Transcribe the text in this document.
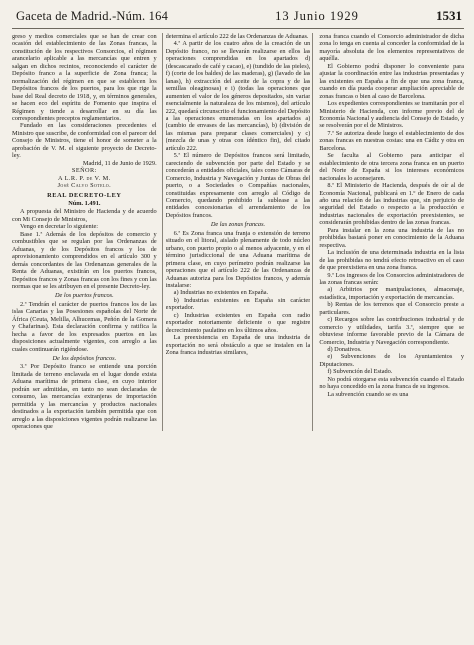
Gaceta de Madrid.-Núm. 164	13 Junio 1929	1531

greso y medios comerciales que se han de crear con ocasión del establecimiento de las Zonas francas, la constitución de los respectivos Consorcios, el régimen arancelario aplicable a las mercancías que entren y salgan en dichos recintos, reconociendo el carácter de Depósito franco a la superficie de Zona franca; la normalización del régimen en que se establecen los Depósitos francos de los puertos, para los que rige la base del Real decreto de 1918, y, en términos generales, se hacen eco del espíritu de Fomento que inspira el Régimen y tiende a desarrollar en su día las correspondientes preceptos reglamentarios.

Fundado en las consideraciones precedentes el Ministro que suscribe, de conformidad con el parecer del Consejo de Ministros, tiene el honor de someter a la aprobación de V. M. el siguiente proyecto de Decreto-ley.

Madrid, 11 de Junio de 1929.

SEÑOR:

A L.R. P. de V. M.

José Calvo Sotelo.

REAL DECRETO-LEY

Núm. 1.491.

A propuesta del Ministro de Hacienda y de acuerdo con Mi Consejo de Ministros,

Vengo en decretar lo siguiente:

Base 1.ª Además de los depósitos de comercio y combustibles que se regulan por las Ordenanzas de Aduanas, y de los Depósitos francos y los de aprovisionamiento comprendidos en el artículo 300 y demás concordantes de las Ordenanzas generales de la Renta de Aduanas, existirán en los puertos francos, Depósitos francos y Zonas francas con los fines y con las normas que se les atribuyen en el presente Decreto-ley.

De los puertos francos.

2.ª Tendrán el carácter de puertos francos los de las islas Canarias y las Posesiones españolas del Norte de África (Ceuta, Melilla, Alhucemas, Peñón de la Gomera y Chafarinas). Esta declaración confirma y ratifica la hecha a favor de los expresados puertos en las disposiciones actualmente vigentes, con arreglo a las cuales continuarán rigiéndose.

De los depósitos francos.

3.ª Por Depósito franco se entiende una porción limitada de terreno enclavada en el lugar donde exista Aduana marítima de primera clase, en cuyo interior podrán ser admitidas, en tanto no sean declaradas de consumo, las mercancías extranjeras de importación permitida y las mercancías y productos nacionales destinados a la exportación también permitida que con arreglo a las disposiciones vigentes podrán realizarse las operaciones que

determina el artículo 222 de las Ordenanzas de Aduanas.

4.ª A partir de los cuatro años de la creación de un Depósito franco, no se llevarán realizarse en ellos las operaciones comprendidas en los apartados d) (descascarado de café y cacao), e) (tundido de las pieles), f) (corte de los baldes) de las maderas), g) (lavado de las lanas), h) extracción del aceite de la copra y de las semillas oleaginosas) e i) (todas las operaciones que aumenten el valor de los géneros depositados, sin variar esencialmente la naturaleza de los mismos), del artículo 222, quedará circunscrito el funcionamiento del Depósito a las operaciones enumeradas en los apartados a) (cambio de envases de las mercancías), b) (división de las mismas para preparar clases comerciales) y c) (mezcla de unas y otras con ídéntico fin), del citado artículo 222.

5.ª El número de Depósitos francos será limitado, careciendo de subvención por parte del Estado y se concederán a entidades oficiales, tales como Cámaras de Comercio, Industria y Navegación y Juntas de Obras del puerto, o a Sociedades o Compañías nacionales, constituidas expresamente con arreglo al Código de Comercio, quedando prohibido la sublease a las entidades concesionarias el arrendamiento de los Depósitos francos.

De las zonas francas.

6.ª Es Zona franca una franja o extensión de terreno situado en el litoral, aislado plenamente de todo núcleo urbano, con puerto propio o al menos adyacente, y en el término jurisdiccional de una Aduana marítima de primera clase, en cuyo perímetro podrán realizarse las operaciones que el artículo 222 de las Ordenanzas de Aduanas autoriza para los Depósitos francos, y además instalarse:

a) Industrias no existentes en España.

b) Industrias existentes en España sin carácter exportador.

c) Industrias existentes en España con radio exportador notoriamente deficiente o que registre decrecimiento paulatino en los últimos años.

La preexistencia en España de una industria de exportación no será obstáculo a que se instalen en la Zona franca industrias similares,

zona franca cuando el Consorcio administrador de dicha zona lo tenga en cuenta al conceder la conformidad de la mayoría absoluta de los elementos representativos de aquélla.

El Gobierno podrá disponer lo conveniente para ajustar la coordinación entre las industrias presentadas y las existentes en España a fin de que una zona franca, cuando en día pueda cooperar ampliación apreciable de zonas francas o bien al caso de Barcelona.

Los expedientes correspondientes se tramitarán por el Ministerio de Hacienda, con informe previo del de Economía Nacional y audiencia del Consejo de Estado, y se resolverán por el de Ministros.

7.ª Se autoriza desde luego el establecimiento de dos zonas francas en nuestras costas: una en Cádiz y otra en Barcelona.

Se faculta al Gobierno para anticipar el establecimiento de otra tercera zona franca en un puerto del Norte de España si los intereses económicos nacionales lo aconsejaren.

8.ª El Ministerio de Hacienda, después de oír al de Economía Nacional, publicará en 1.º de Enero de cada año una relación de las industrias que, sin perjuicio de seguridad del Estado o respecto a la producción e industrias nacionales de exportación preexistentes, se considerarán prohibidas dentro de las zonas francas.

Para instalar en la zona una industria de las no prohibidas bastará poner en conocimiento de la Aduana respectiva.

La inclusión de una determinada industria en la lista de las prohibidas no tendrá efecto retroactivo en el caso de que preexistiera en una zona franca.

9.ª Los ingresos de los Consorcios administradores de las zonas francas serán:

a) Arbitrios por manipulaciones, almacenaje, estadística, importación y exportación de mercancías.

b) Rentas de los terrenos que el Consorcio preste a particulares.

c) Recargos sobre las contribuciones industrial y de comercio y utilidades, tarifa 3.ª, siempre que se obtuviese informe favorable previo de la Cámara de Comercio, Industria y Navegación correspondiente.

d) Donativos.

e) Subvenciones de los Ayuntamientos y Diputaciones.

f) Subvención del Estado.

No podrá otorgarse esta subvención cuando el Estado no haya concedido en la zona franca de su ingresos.

La subvención cuando se es una
